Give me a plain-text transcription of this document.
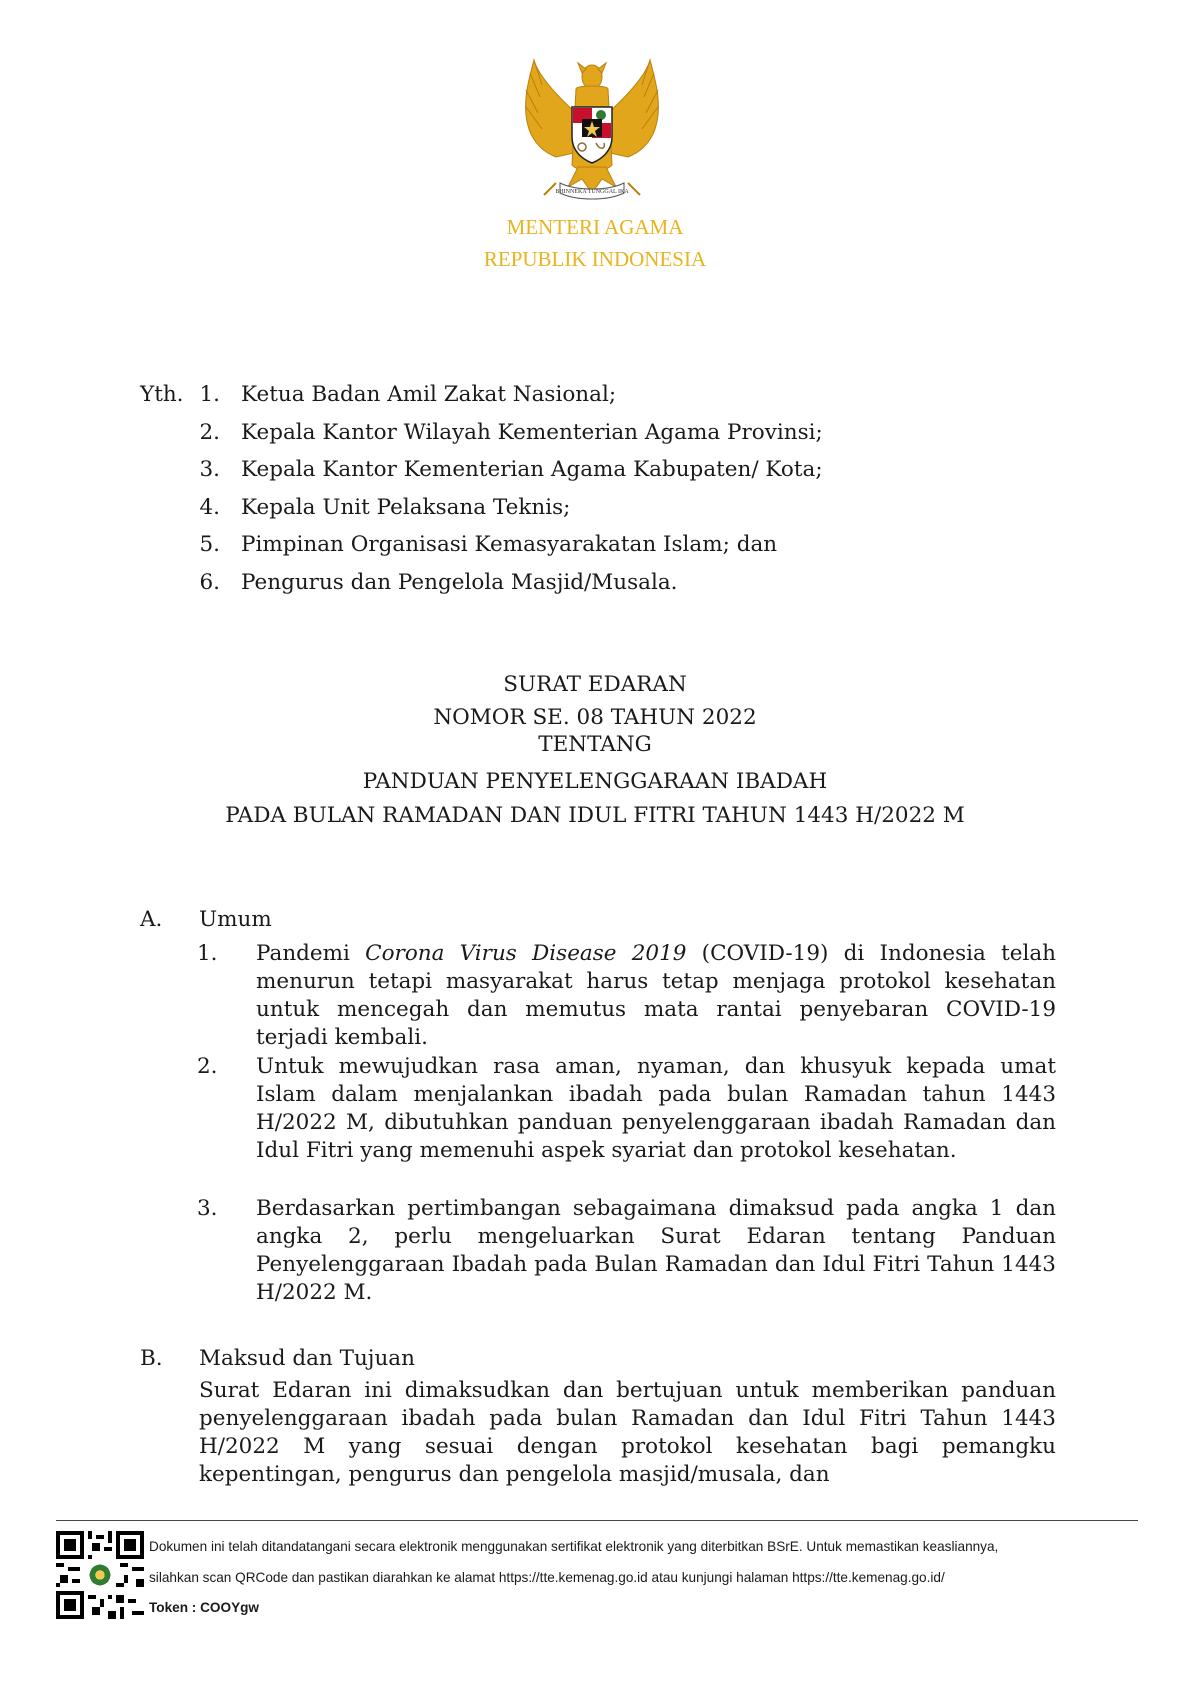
BHINNEKA TUNGGAL IKA
MENTERI AGAMA
REPUBLIK INDONESIA
Yth. 1. Ketua Badan Amil Zakat Nasional;
2. Kepala Kantor Wilayah Kementerian Agama Provinsi;
3. Kepala Kantor Kementerian Agama Kabupaten/ Kota;
4. Kepala Unit Pelaksana Teknis;
5. Pimpinan Organisasi Kemasyarakatan Islam; dan
6. Pengurus dan Pengelola Masjid/Musala.
SURAT EDARAN
NOMOR SE. 08 TAHUN 2022
TENTANG
PANDUAN PENYELENGGARAAN IBADAH
PADA BULAN RAMADAN DAN IDUL FITRI TAHUN 1443 H/2022 M
A. Umum
1.	Pandemi Corona Virus Disease 2019 (COVID-19) di Indonesia telah menurun tetapi masyarakat harus tetap menjaga protokol kesehatan untuk mencegah dan memutus mata rantai penyebaran COVID-19 terjadi kembali.
2.	Untuk mewujudkan rasa aman, nyaman, dan khusyuk kepada umat Islam dalam menjalankan ibadah pada bulan Ramadan tahun 1443 H/2022 M, dibutuhkan panduan penyelenggaraan ibadah Ramadan dan Idul Fitri yang memenuhi aspek syariat dan protokol kesehatan.
3.	Berdasarkan pertimbangan sebagaimana dimaksud pada angka 1 dan angka 2, perlu mengeluarkan Surat Edaran tentang Panduan Penyelenggaraan Ibadah pada Bulan Ramadan dan Idul Fitri Tahun 1443 H/2022 M.
B. Maksud dan Tujuan
Surat Edaran ini dimaksudkan dan bertujuan untuk memberikan panduan penyelenggaraan ibadah pada bulan Ramadan dan Idul Fitri Tahun 1443 H/2022 M yang sesuai dengan protokol kesehatan bagi pemangku kepentingan, pengurus dan pengelola masjid/musala, dan
Dokumen ini telah ditandatangani secara elektronik menggunakan sertifikat elektronik yang diterbitkan BSrE. Untuk memastikan keasliannya,
silahkan scan QRCode dan pastikan diarahkan ke alamat https://tte.kemenag.go.id atau kunjungi halaman https://tte.kemenag.go.id/
Token : COOYgw
